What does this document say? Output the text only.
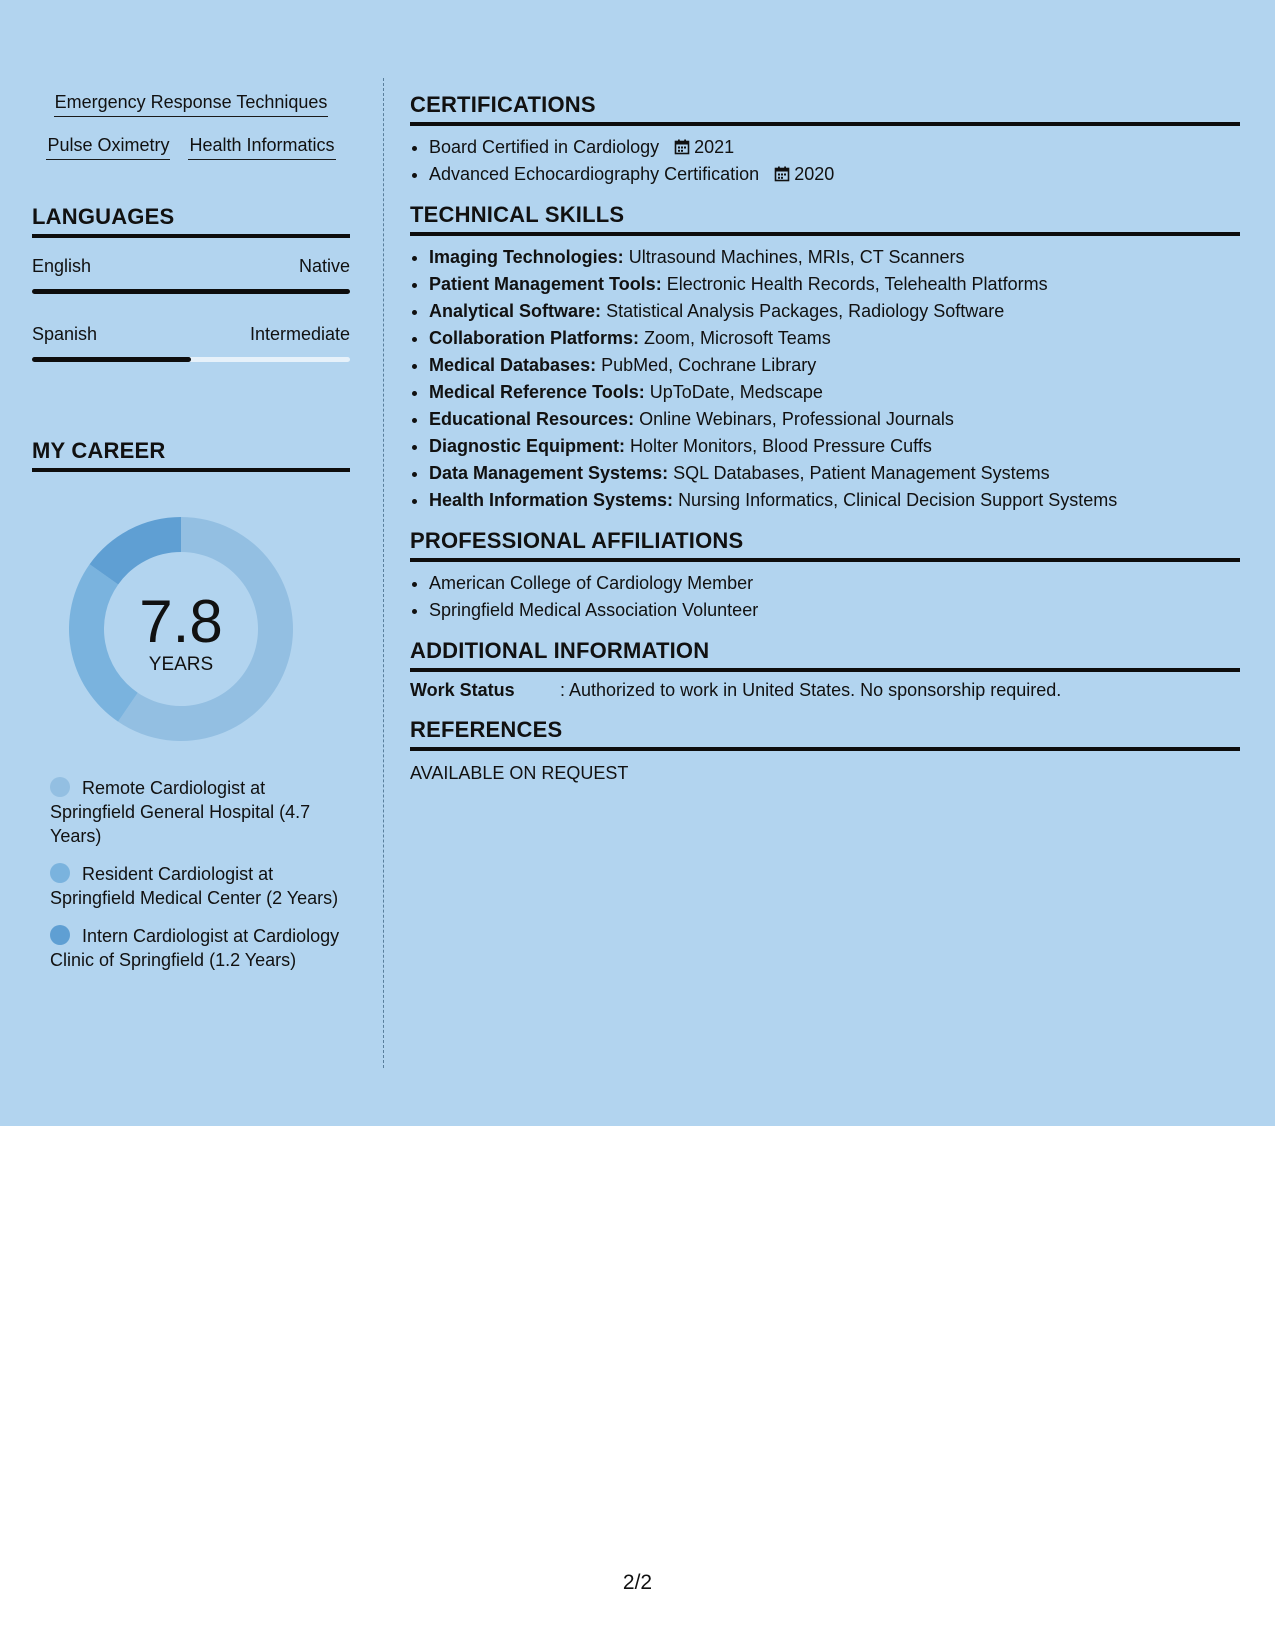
Emergency Response Techniques
Pulse Oximetry Health Informatics
LANGUAGES
English	Native
Spanish	Intermediate
MY CAREER
7.8
YEARS
Remote Cardiologist at Springfield General Hospital (4.7 Years)
Resident Cardiologist at Springfield Medical Center (2 Years)
Intern Cardiologist at Cardiology Clinic of Springfield (1.2 Years)
CERTIFICATIONS
• Board Certified in Cardiology 2021
• Advanced Echocardiography Certification 2020
TECHNICAL SKILLS
• Imaging Technologies: Ultrasound Machines, MRIs, CT Scanners
• Patient Management Tools: Electronic Health Records, Telehealth Platforms
• Analytical Software: Statistical Analysis Packages, Radiology Software
• Collaboration Platforms: Zoom, Microsoft Teams
• Medical Databases: PubMed, Cochrane Library
• Medical Reference Tools: UpToDate, Medscape
• Educational Resources: Online Webinars, Professional Journals
• Diagnostic Equipment: Holter Monitors, Blood Pressure Cuffs
• Data Management Systems: SQL Databases, Patient Management Systems
• Health Information Systems: Nursing Informatics, Clinical Decision Support Systems
PROFESSIONAL AFFILIATIONS
• American College of Cardiology Member
• Springfield Medical Association Volunteer
ADDITIONAL INFORMATION
Work Status	: Authorized to work in United States. No sponsorship required.
REFERENCES
AVAILABLE ON REQUEST
2/2
